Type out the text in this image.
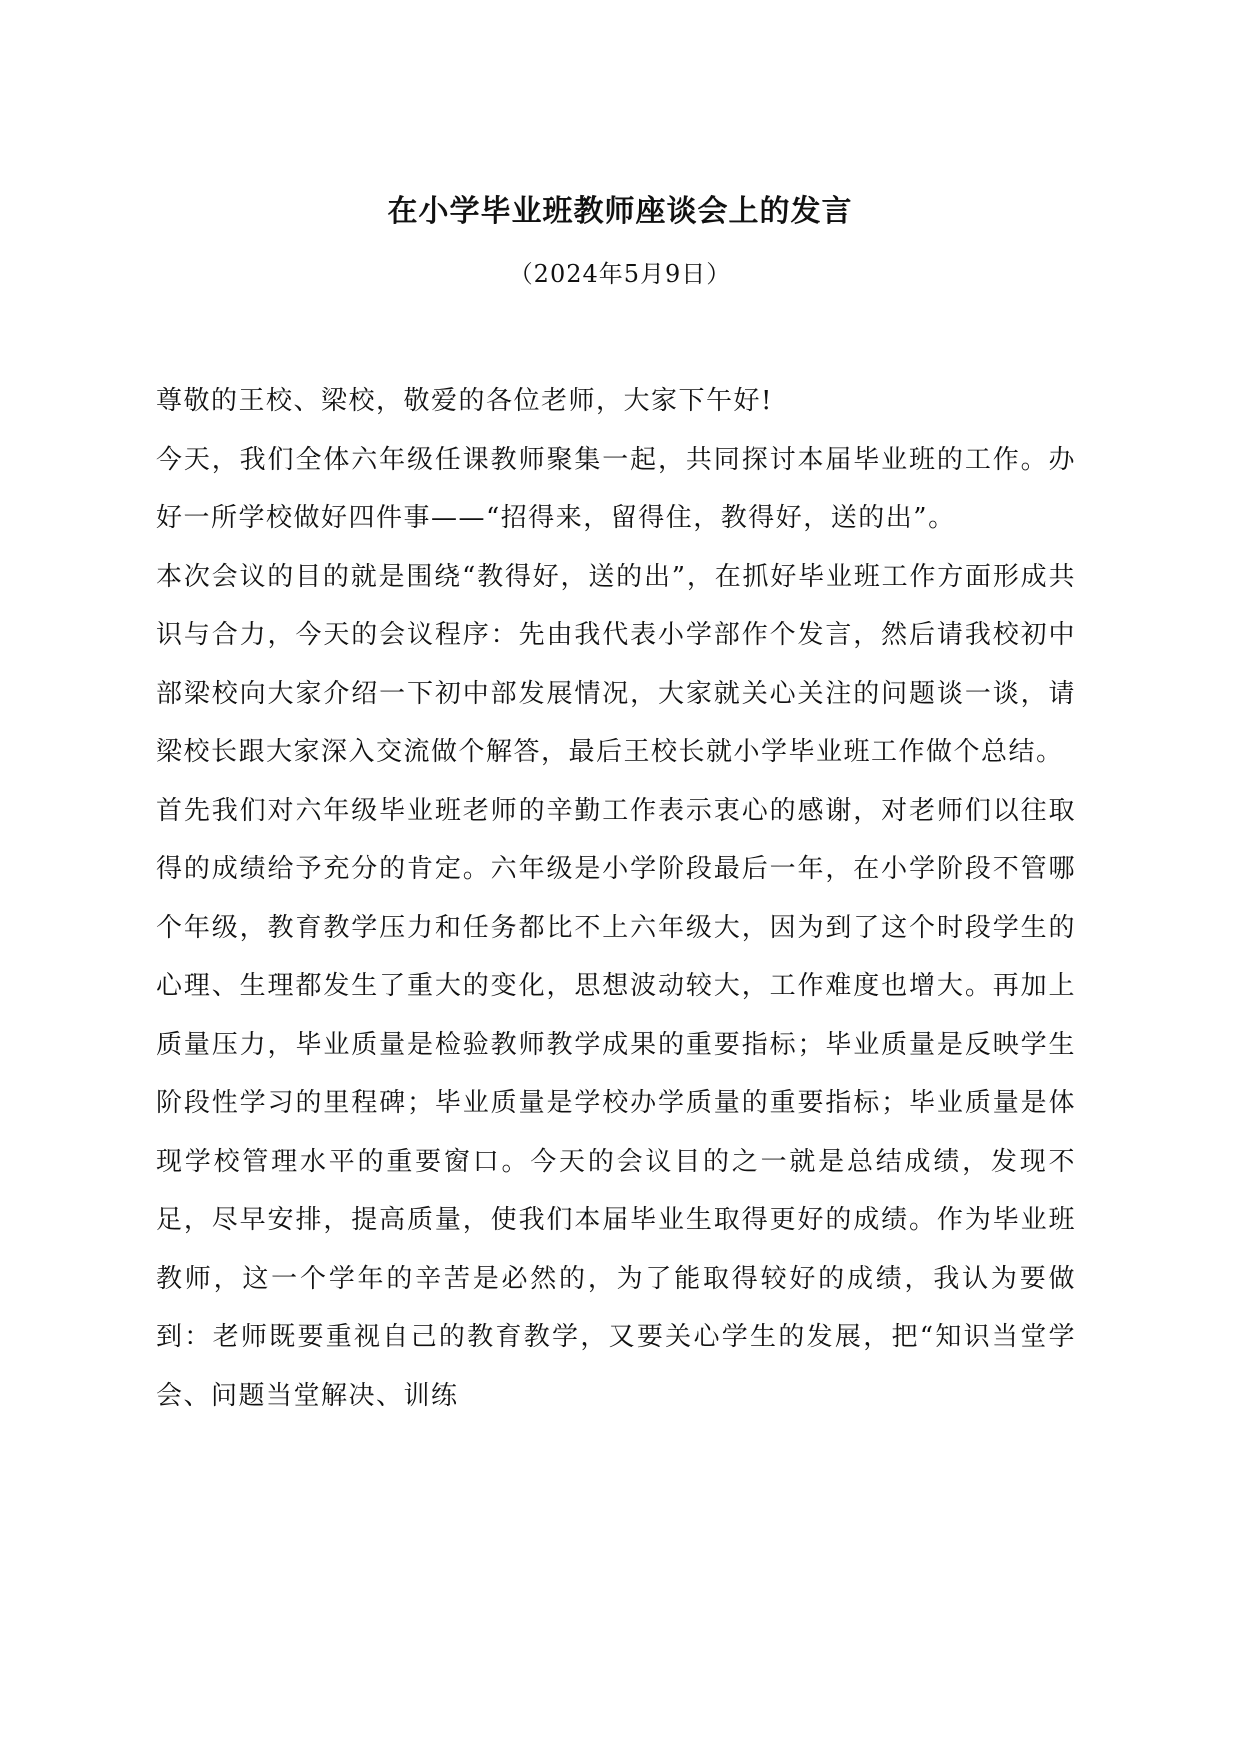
在小学毕业班教师座谈会上的发言
（2024年5月9日）

尊敬的王校、梁校，敬爱的各位老师，大家下午好!

今天，我们全体六年级任课教师聚集一起，共同探讨本届毕业班的工作。办好一所学校做好四件事——“招得来，留得住，教得好，送的出”。

本次会议的目的就是围绕“教得好，送的出”，在抓好毕业班工作方面形成共识与合力，今天的会议程序：先由我代表小学部作个发言，然后请我校初中部梁校向大家介绍一下初中部发展情况，大家就关心关注的问题谈一谈，请梁校长跟大家深入交流做个解答，最后王校长就小学毕业班工作做个总结。

首先我们对六年级毕业班老师的辛勤工作表示衷心的感谢，对老师们以往取得的成绩给予充分的肯定。六年级是小学阶段最后一年，在小学阶段不管哪个年级，教育教学压力和任务都比不上六年级大，因为到了这个时段学生的心理、生理都发生了重大的变化，思想波动较大，工作难度也增大。再加上质量压力，毕业质量是检验教师教学成果的重要指标；毕业质量是反映学生阶段性学习的里程碑；毕业质量是学校办学质量的重要指标；毕业质量是体现学校管理水平的重要窗口。今天的会议目的之一就是总结成绩，发现不足，尽早安排，提高质量，使我们本届毕业生取得更好的成绩。作为毕业班教师，这一个学年的辛苦是必然的，为了能取得较好的成绩，我认为要做到：老师既要重视自己的教育教学，又要关心学生的发展，把“知识当堂学会、问题当堂解决、训练
